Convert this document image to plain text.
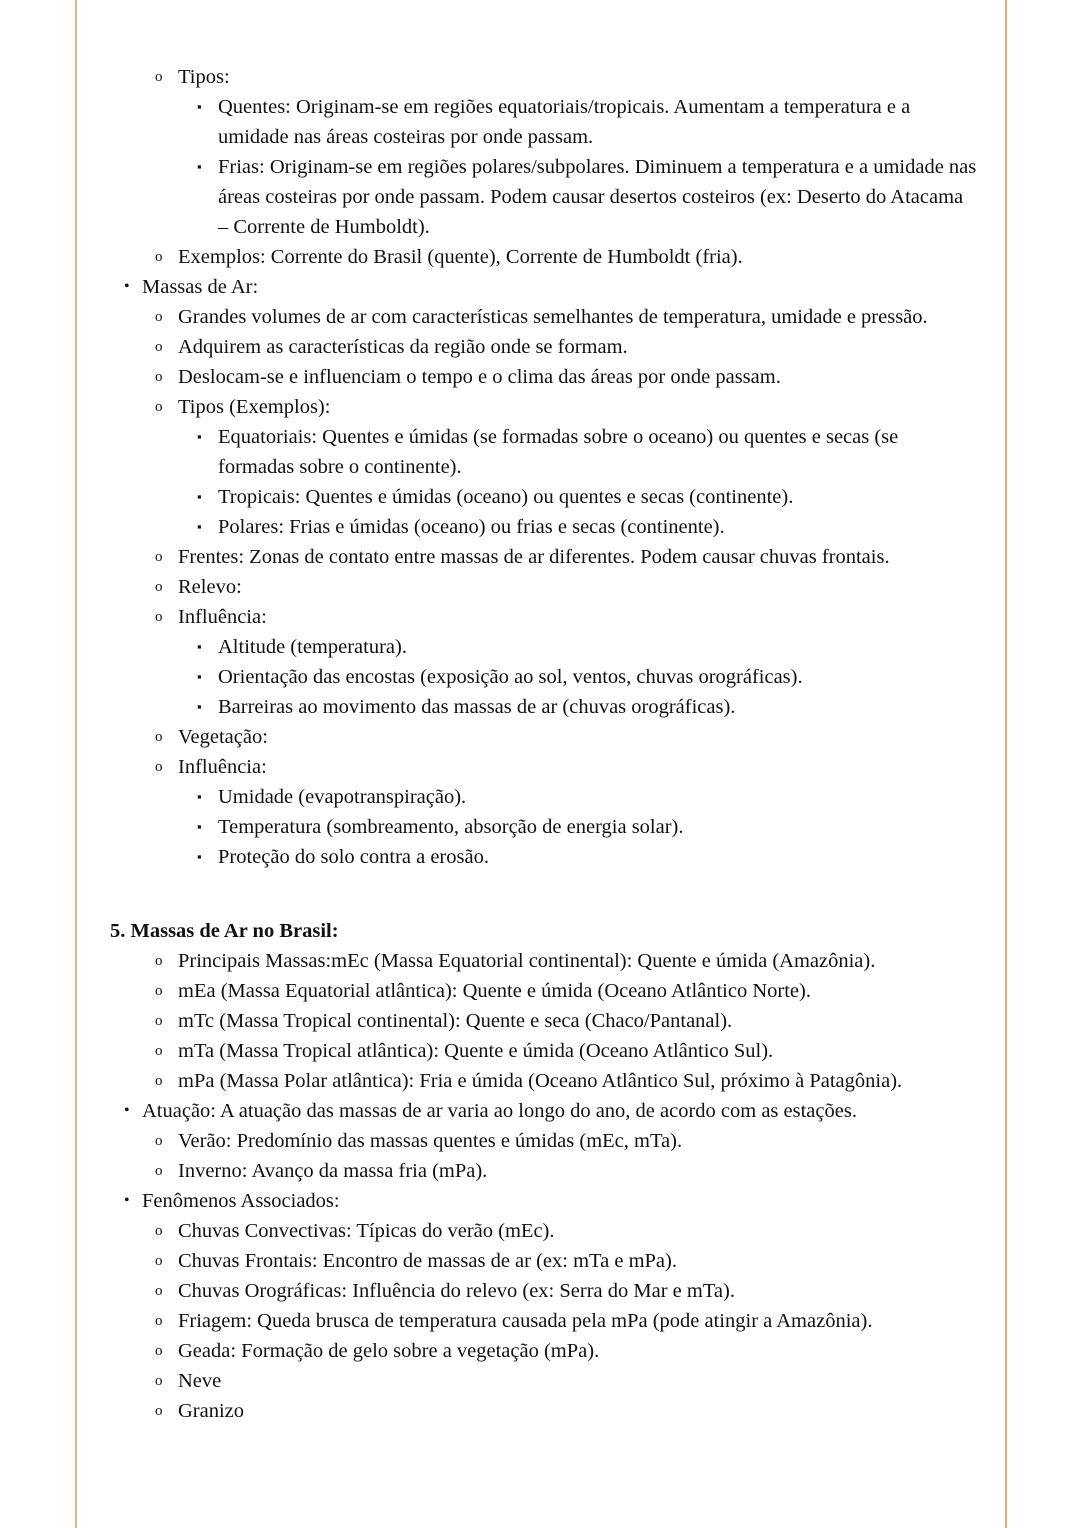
o Tipos:
▪ Quentes: Originam-se em regiões equatoriais/tropicais. Aumentam a temperatura e a umidade nas áreas costeiras por onde passam.
▪ Frias: Originam-se em regiões polares/subpolares. Diminuem a temperatura e a umidade nas áreas costeiras por onde passam. Podem causar desertos costeiros (ex: Deserto do Atacama – Corrente de Humboldt).
o Exemplos: Corrente do Brasil (quente), Corrente de Humboldt (fria).
• Massas de Ar:
o Grandes volumes de ar com características semelhantes de temperatura, umidade e pressão.
o Adquirem as características da região onde se formam.
o Deslocam-se e influenciam o tempo e o clima das áreas por onde passam.
o Tipos (Exemplos):
▪ Equatoriais: Quentes e úmidas (se formadas sobre o oceano) ou quentes e secas (se formadas sobre o continente).
▪ Tropicais: Quentes e úmidas (oceano) ou quentes e secas (continente).
▪ Polares: Frias e úmidas (oceano) ou frias e secas (continente).
o Frentes: Zonas de contato entre massas de ar diferentes. Podem causar chuvas frontais.
o Relevo:
o Influência:
▪ Altitude (temperatura).
▪ Orientação das encostas (exposição ao sol, ventos, chuvas orográficas).
▪ Barreiras ao movimento das massas de ar (chuvas orográficas).
o Vegetação:
o Influência:
▪ Umidade (evapotranspiração).
▪ Temperatura (sombreamento, absorção de energia solar).
▪ Proteção do solo contra a erosão.
5. Massas de Ar no Brasil:
o Principais Massas:mEc (Massa Equatorial continental): Quente e úmida (Amazônia).
o mEa (Massa Equatorial atlântica): Quente e úmida (Oceano Atlântico Norte).
o mTc (Massa Tropical continental): Quente e seca (Chaco/Pantanal).
o mTa (Massa Tropical atlântica): Quente e úmida (Oceano Atlântico Sul).
o mPa (Massa Polar atlântica): Fria e úmida (Oceano Atlântico Sul, próximo à Patagônia).
• Atuação: A atuação das massas de ar varia ao longo do ano, de acordo com as estações.
o Verão: Predomínio das massas quentes e úmidas (mEc, mTa).
o Inverno: Avanço da massa fria (mPa).
• Fenômenos Associados:
o Chuvas Convectivas: Típicas do verão (mEc).
o Chuvas Frontais: Encontro de massas de ar (ex: mTa e mPa).
o Chuvas Orográficas: Influência do relevo (ex: Serra do Mar e mTa).
o Friagem: Queda brusca de temperatura causada pela mPa (pode atingir a Amazônia).
o Geada: Formação de gelo sobre a vegetação (mPa).
o Neve
o Granizo
